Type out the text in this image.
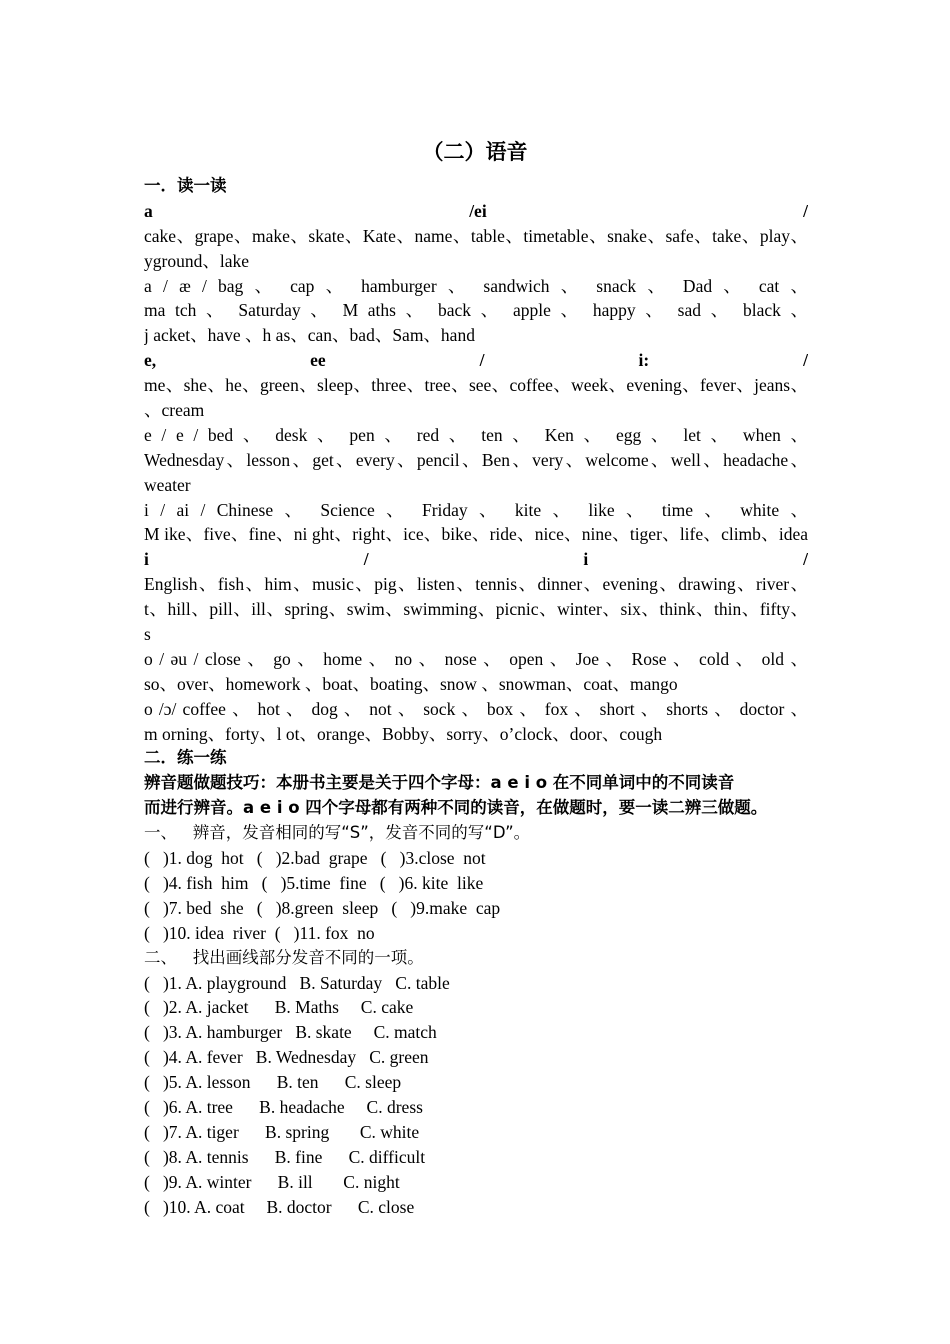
（二）语音
一．读一读
a /ei /
cake、grape、make、skate、Kate、name、table、timetable、snake、safe、take、play、
yground、lake
a / æ / bag 、 cap 、 hamburger 、 sandwich 、 snack 、 Dad 、 cat 、
ma tch 、 Saturday 、 M aths 、 back 、 apple 、 happy 、 sad 、 black 、
j acket、have 、h as、can、bad、Sam、hand
e, ee / i: /
me、she、he、green、sleep、three、tree、see、coffee、week、evening、fever、jeans、
、cream
e / e / bed 、 desk 、 pen 、 red 、 ten 、 Ken 、 egg 、 let 、 when 、
Wednesday、lesson、get、every、pencil、Ben、very、welcome、well、headache、
weater
i / ai / Chinese 、 Science 、 Friday 、 kite 、 like 、 time 、 white 、
M ike、five、fine、ni ght、right、ice、bike、ride、nice、nine、tiger、life、climb、idea
i / i /
English、fish、him、music、pig、listen、tennis、dinner、evening、drawing、river、
t、hill、pill、ill、spring、swim、swimming、picnic、winter、six、think、thin、fifty、
s
o / əu / close 、 go 、 home 、 no 、 nose 、 open 、 Joe 、 Rose 、 cold 、 old 、
so、over、homework 、boat、boating、snow 、snowman、coat、mango
o /ɔ/ coffee 、 hot 、 dog 、 not 、 sock 、 box 、 fox 、 short 、 shorts 、 doctor 、
m orning、forty、l ot、orange、Bobby、sorry、o’clock、door、cough
二．练一练
辨音题做题技巧：本册书主要是关于四个字母：a e i o 在不同单词中的不同读音
而进行辨音。a e i o 四个字母都有两种不同的读音，在做题时，要一读二辨三做题。
一、   辨音，发音相同的写“S”，发音不同的写“D”。
(   )1. dog  hot   (   )2.bad  grape   (   )3.close  not
(   )4. fish  him   (   )5.time  fine   (   )6. kite  like
(   )7. bed  she   (   )8.green  sleep   (   )9.make  cap
(   )10. idea  river  (   )11. fox  no
二、   找出画线部分发音不同的一项。
(   )1. A. playground   B. Saturday   C. table
(   )2. A. jacket      B. Maths     C. cake
(   )3. A. hamburger   B. skate     C. match
(   )4. A. fever   B. Wednesday   C. green
(   )5. A. lesson      B. ten      C. sleep
(   )6. A. tree      B. headache     C. dress
(   )7. A. tiger      B. spring       C. white
(   )8. A. tennis      B. fine      C. difficult
(   )9. A. winter      B. ill       C. night
(   )10. A. coat     B. doctor      C. close
